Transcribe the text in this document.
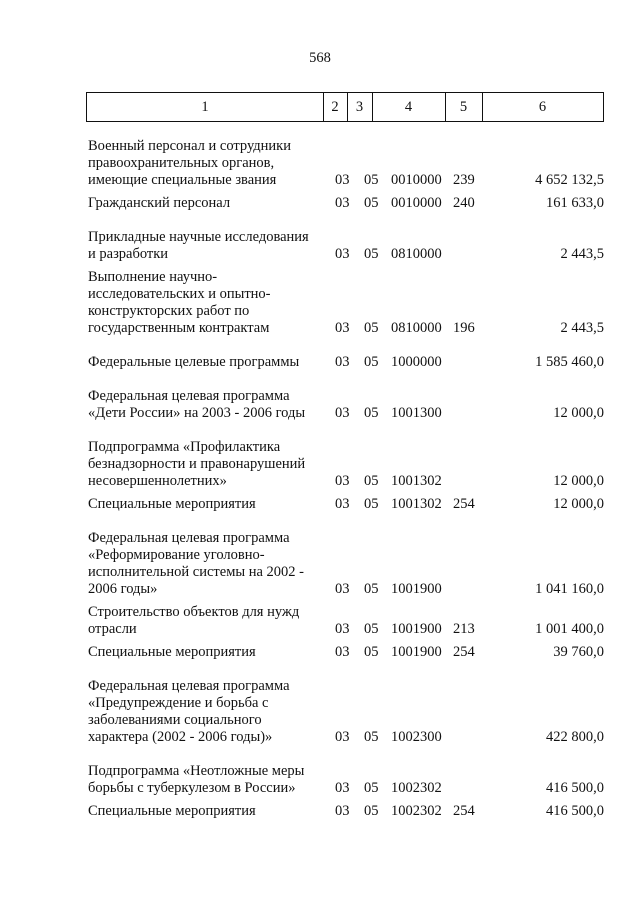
568
1	2	3	4	5	6
Военный персонал и сотрудники
правоохранительных органов,
имеющие специальные звания	03 05 0010000 239	4 652 132,5
Гражданский персонал	03 05 0010000 240	161 633,0
Прикладные научные исследования
и разработки	03 05 0810000	2 443,5
Выполнение научно-
исследовательских и опытно-
конструкторских работ по
государственным контрактам	03 05 0810000 196	2 443,5
Федеральные целевые программы	03 05 1000000	1 585 460,0
Федеральная целевая программа
«Дети России» на 2003 - 2006 годы	03 05 1001300	12 000,0
Подпрограмма «Профилактика
безнадзорности и правонарушений
несовершеннолетних»	03 05 1001302	12 000,0
Специальные мероприятия	03 05 1001302 254	12 000,0
Федеральная целевая программа
«Реформирование уголовно-
исполнительной системы на 2002 -
2006 годы»	03 05 1001900	1 041 160,0
Строительство объектов для нужд
отрасли	03 05 1001900 213	1 001 400,0
Специальные мероприятия	03 05 1001900 254	39 760,0
Федеральная целевая программа
«Предупреждение и борьба с
заболеваниями социального
характера (2002 - 2006 годы)»	03 05 1002300	422 800,0
Подпрограмма «Неотложные меры
борьбы с туберкулезом в России»	03 05 1002302	416 500,0
Специальные мероприятия	03 05 1002302 254	416 500,0
